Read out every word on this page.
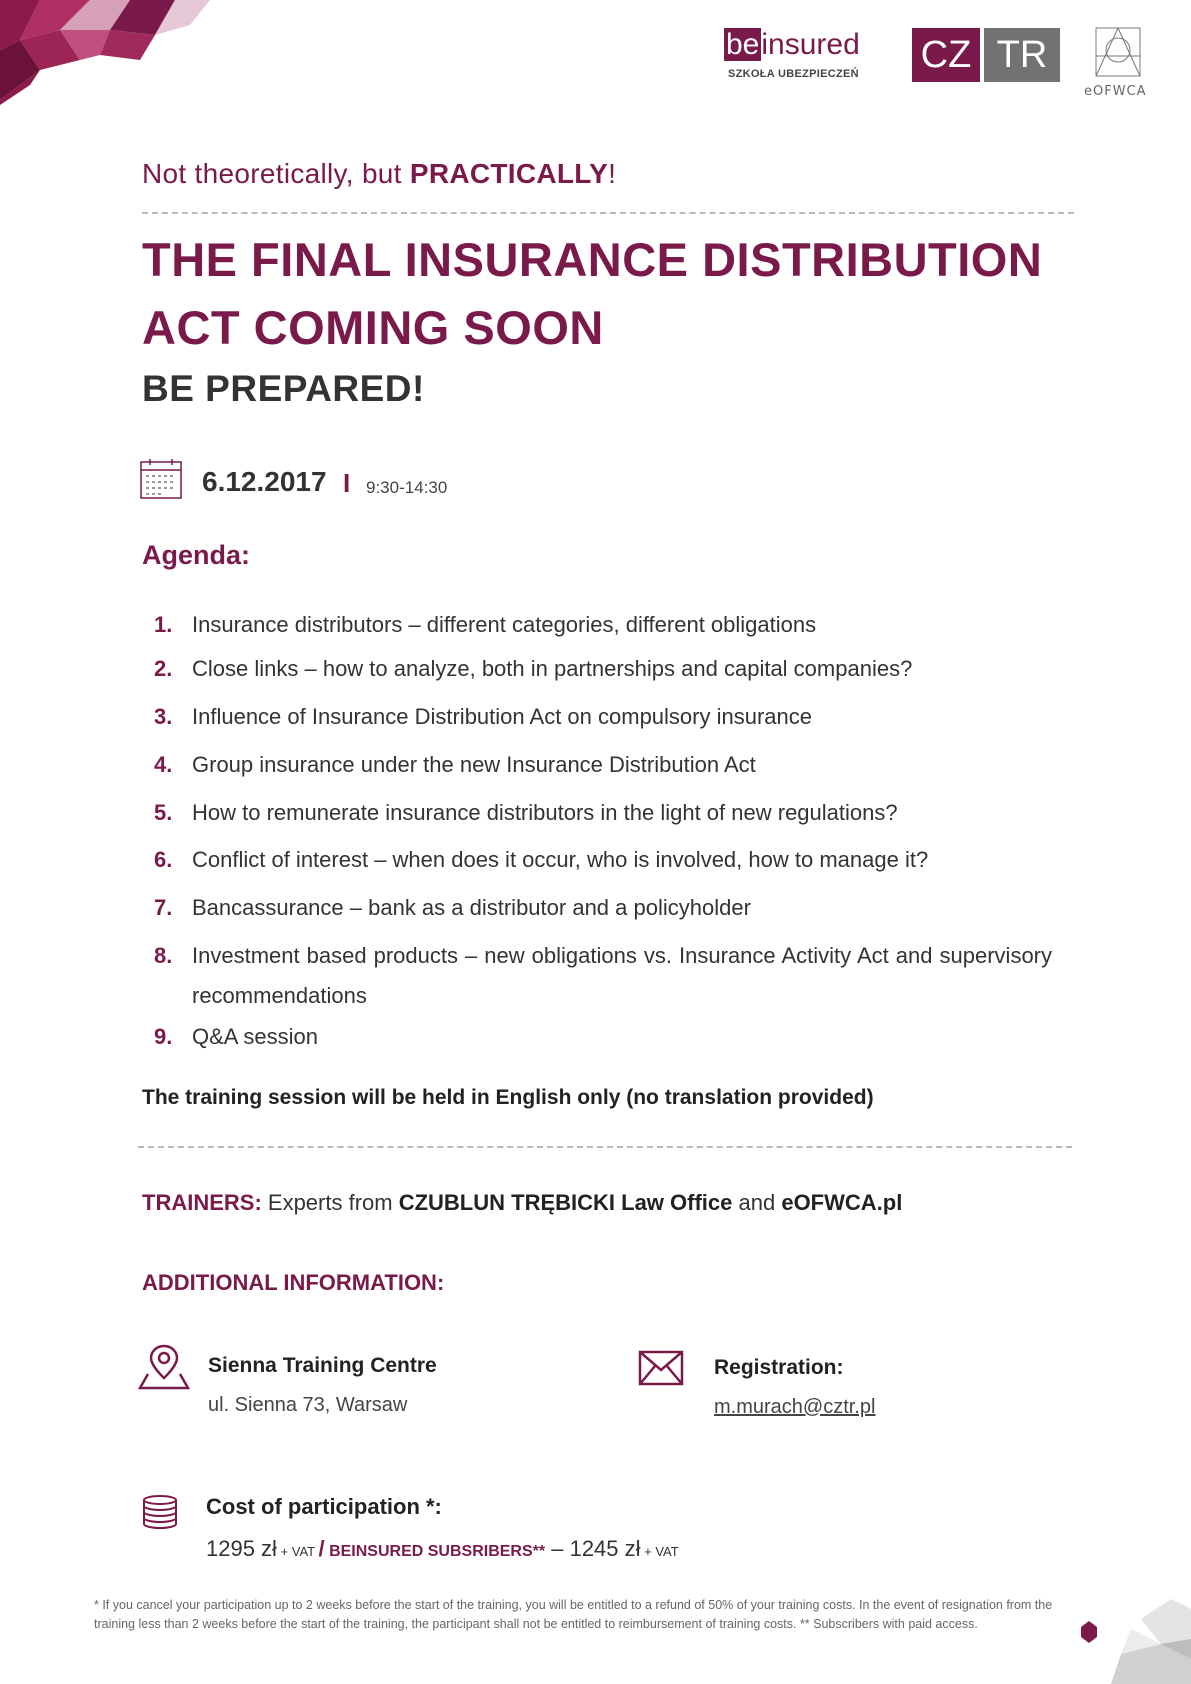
beinsured
SZKOŁA UBEZPIECZEŃ CZ TR
eOFWCA
Not theoretically, but PRACTICALLY!
THE FINAL INSURANCE DISTRIBUTION
ACT COMING SOON
BE PREPARED!
6.12.2017 I 9:30-14:30
Agenda:
1. Insurance distributors – different categories, different obligations
2. Close links – how to analyze, both in partnerships and capital companies?
3. Influence of Insurance Distribution Act on compulsory insurance
4. Group insurance under the new Insurance Distribution Act
5. How to remunerate insurance distributors in the light of new regulations?
6. Conflict of interest – when does it occur, who is involved, how to manage it?
7. Bancassurance – bank as a distributor and a policyholder
8. Investment based products – new obligations vs. Insurance Activity Act and supervisory recommendations
9. Q&A session
The training session will be held in English only (no translation provided)
TRAINERS: Experts from CZUBLUN TRĘBICKI Law Office and eOFWCA.pl
ADDITIONAL INFORMATION:
Sienna Training Centre
ul. Sienna 73, Warsaw
Registration:
m.murach@cztr.pl
Cost of participation *:
1295 zł + VAT / BEINSURED SUBSRIBERS** – 1245 zł + VAT
* If you cancel your participation up to 2 weeks before the start of the training, you will be entitled to a refund of 50% of your training costs. In the event of resignation from the training less than 2 weeks before the start of the training, the participant shall not be entitled to reimbursement of training costs. ** Subscribers with paid access.
